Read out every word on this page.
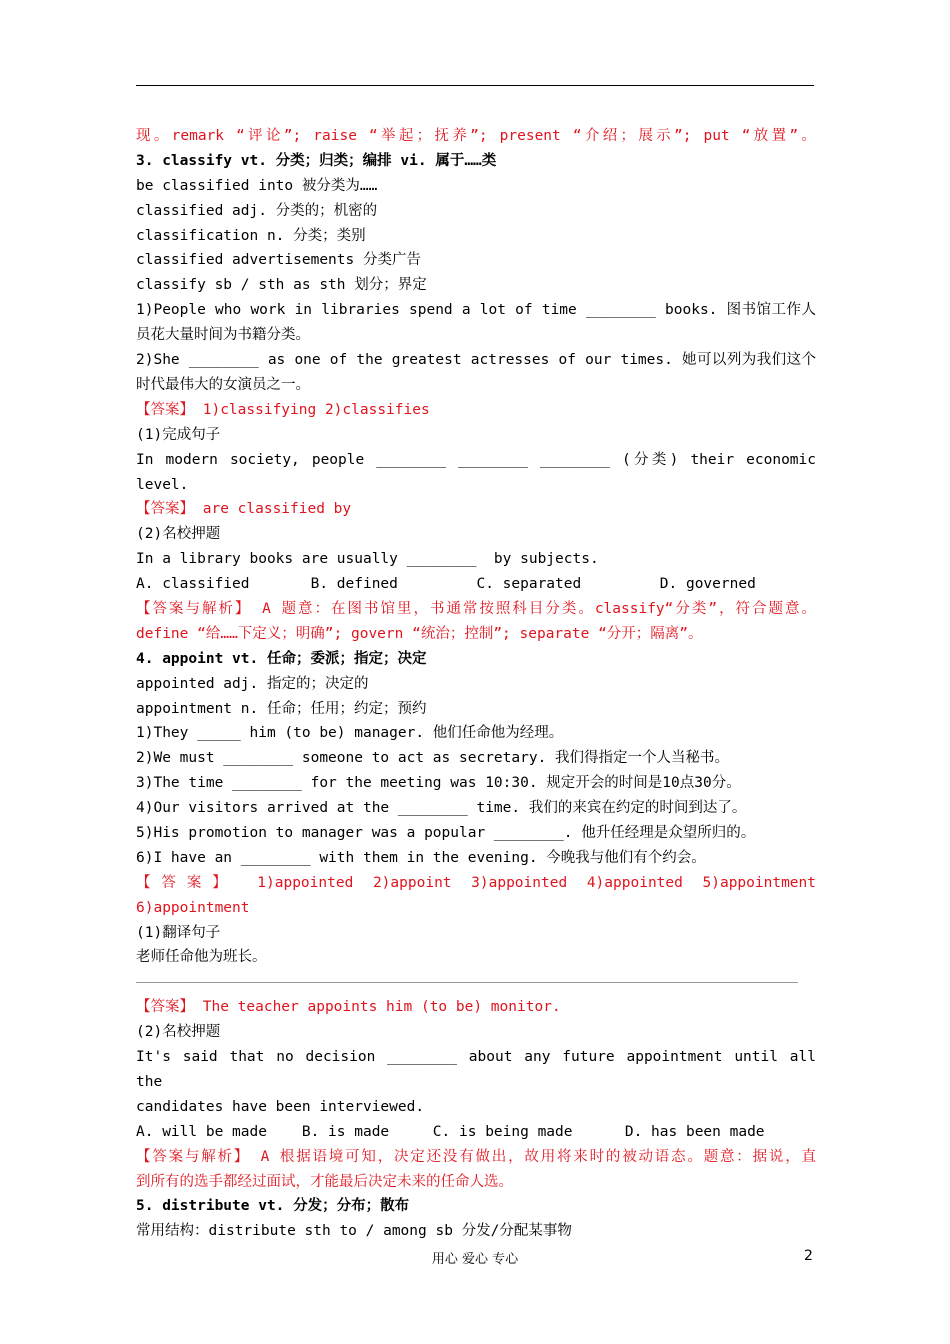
现。remark “评论”; raise “举起；抚养”; present “介绍；展示”; put “放置”。
3. classify vt. 分类；归类；编排 vi. 属于……类
be classified into 被分类为……
classified adj. 分类的；机密的
classification n. 分类；类别
classified advertisements 分类广告
classify sb / sth as sth 划分；界定
1)People who work in libraries spend a lot of time ________ books. 图书馆工作人
员花大量时间为书籍分类。
2)She ________ as one of the greatest actresses of our times. 她可以列为我们这个
时代最伟大的女演员之一。
【答案】 1)classifying 2)classifies
(1)完成句子
In modern society, people ________ ________ ________ (分类) their economic
level.
【答案】 are classified by
(2)名校押题
In a library books are usually ________  by subjects.
A. classified       B. defined         C. separated         D. governed
【答案与解析】 A 题意：在图书馆里，书通常按照科目分类。classify“分类”，符合题意。
define “给……下定义；明确”; govern “统治；控制”; separate “分开；隔离”。
4. appoint vt. 任命；委派；指定；决定
appointed adj. 指定的；决定的
appointment n. 任命；任用；约定；预约
1)They _____ him (to be) manager. 他们任命他为经理。
2)We must ________ someone to act as secretary. 我们得指定一个人当秘书。
3)The time ________ for the meeting was 10:30. 规定开会的时间是10点30分。
4)Our visitors arrived at the ________ time. 我们的来宾在约定的时间到达了。
5)His promotion to manager was a popular ________. 他升任经理是众望所归的。
6)I have an ________ with them in the evening. 今晚我与他们有个约会。
【答案】 1)appointed 2)appoint 3)appointed 4)appointed 5)appointment
6)appointment
(1)翻译句子
老师任命他为班长。
【答案】 The teacher appoints him (to be) monitor.
(2)名校押题
It's said that no decision ________ about any future appointment until all the
candidates have been interviewed.
A. will be made    B. is made     C. is being made      D. has been made
【答案与解析】 A 根据语境可知，决定还没有做出，故用将来时的被动语态。题意：据说，直
到所有的选手都经过面试，才能最后决定未来的任命人选。
5. distribute vt. 分发；分布；散布
常用结构：distribute sth to / among sb 分发/分配某事物
用心 爱心 专心	2
